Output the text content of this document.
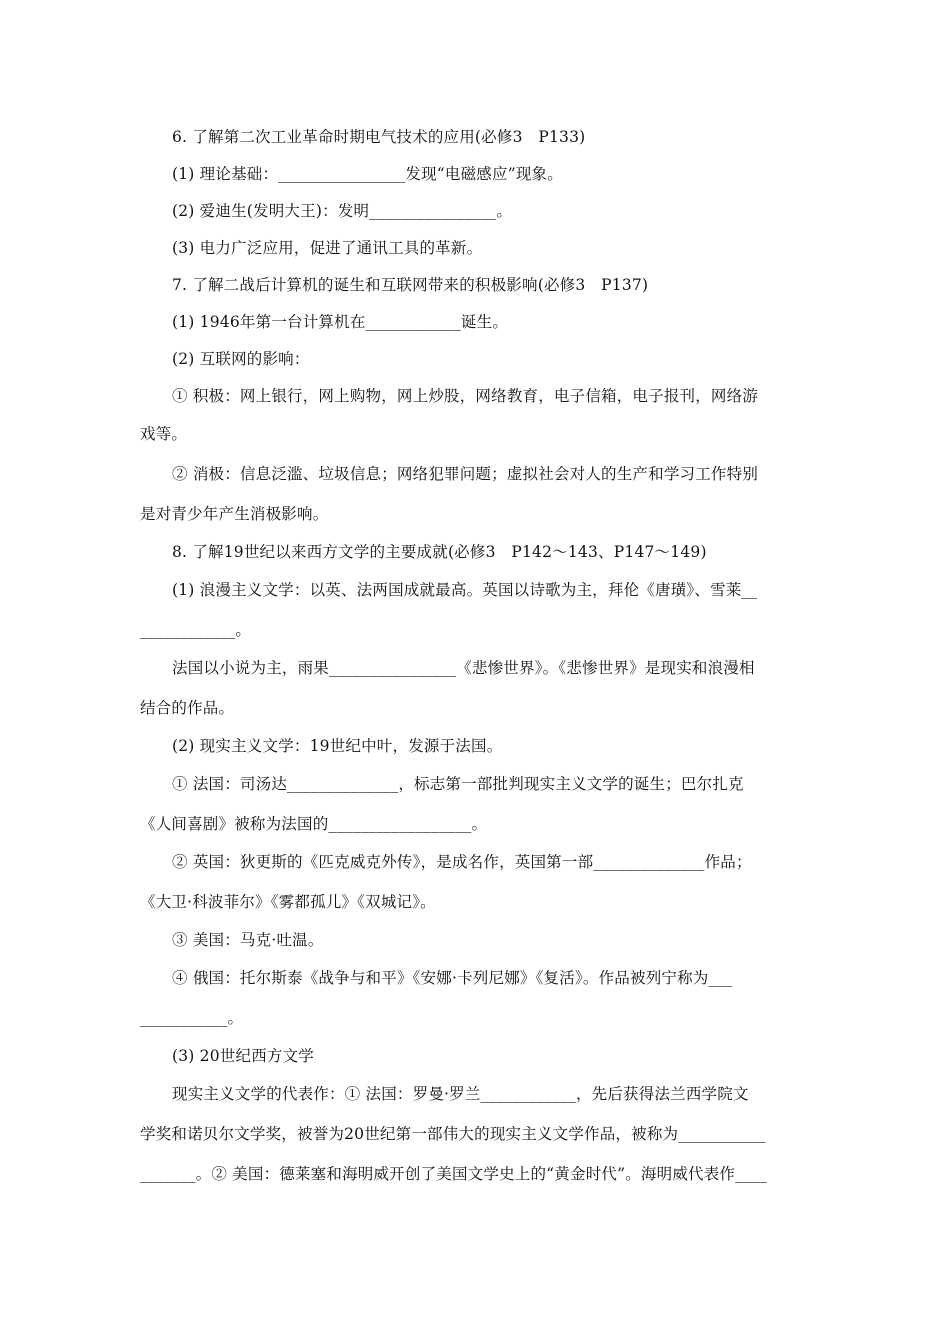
6. 了解第二次工业革命时期电气技术的应用(必修3　P133)
(1) 理论基础：________________发现“电磁感应”现象。
(2) 爱迪生(发明大王)：发明________________。
(3) 电力广泛应用，促进了通讯工具的革新。
7. 了解二战后计算机的诞生和互联网带来的积极影响(必修3　P137)
(1) 1946年第一台计算机在____________诞生。
(2) 互联网的影响：
① 积极：网上银行，网上购物，网上炒股，网络教育，电子信箱，电子报刊，网络游
戏等。
② 消极：信息泛滥、垃圾信息；网络犯罪问题；虚拟社会对人的生产和学习工作特别
是对青少年产生消极影响。
8. 了解19世纪以来西方文学的主要成就(必修3　P142～143、P147～149)
(1) 浪漫主义文学：以英、法两国成就最高。英国以诗歌为主，拜伦《唐璜》、雪莱__
____________。
法国以小说为主，雨果________________《悲惨世界》。《悲惨世界》是现实和浪漫相
结合的作品。
(2) 现实主义文学：19世纪中叶，发源于法国。
① 法国：司汤达______________，标志第一部批判现实主义文学的诞生；巴尔扎克
《人间喜剧》被称为法国的__________________。
② 英国：狄更斯的《匹克威克外传》，是成名作，英国第一部______________作品；
《大卫·科波菲尔》《雾都孤儿》《双城记》。
③ 美国：马克·吐温。
④ 俄国：托尔斯泰《战争与和平》《安娜·卡列尼娜》《复活》。作品被列宁称为___
___________。
(3) 20世纪西方文学
现实主义文学的代表作：① 法国：罗曼·罗兰____________，先后获得法兰西学院文
学奖和诺贝尔文学奖，被誉为20世纪第一部伟大的现实主义文学作品，被称为___________
_______。② 美国：德莱塞和海明威开创了美国文学史上的“黄金时代”。海明威代表作____
